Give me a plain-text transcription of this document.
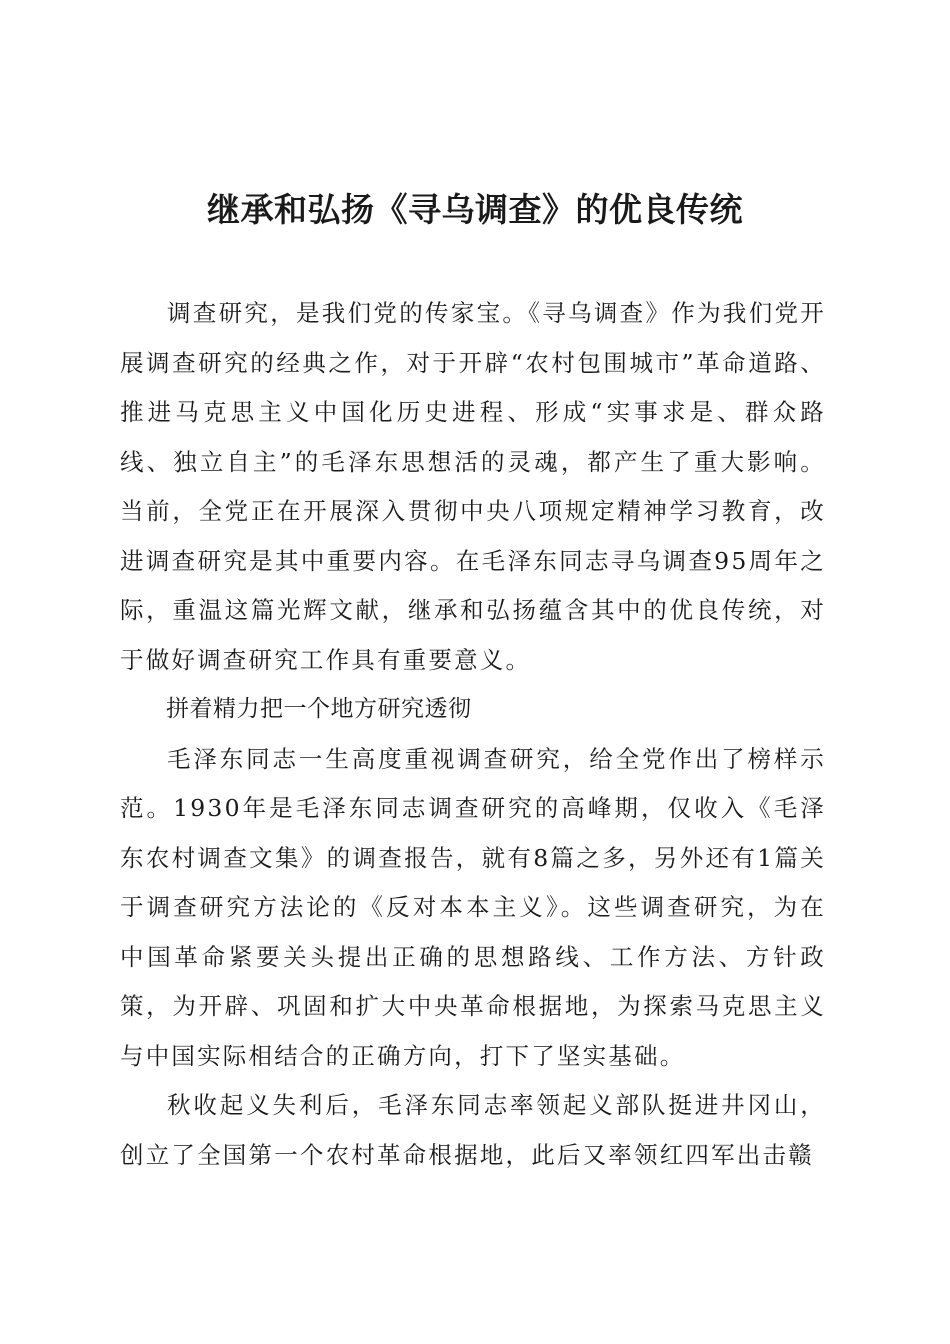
继承和弘扬《寻乌调查》的优良传统

调查研究，是我们党的传家宝。《寻乌调查》作为我们党开展调查研究的经典之作，对于开辟“农村包围城市”革命道路、推进马克思主义中国化历史进程、形成“实事求是、群众路线、独立自主”的毛泽东思想活的灵魂，都产生了重大影响。当前，全党正在开展深入贯彻中央八项规定精神学习教育，改进调查研究是其中重要内容。在毛泽东同志寻乌调查95周年之际，重温这篇光辉文献，继承和弘扬蕴含其中的优良传统，对于做好调查研究工作具有重要意义。

拼着精力把一个地方研究透彻

毛泽东同志一生高度重视调查研究，给全党作出了榜样示范。1930年是毛泽东同志调查研究的高峰期，仅收入《毛泽东农村调查文集》的调查报告，就有8篇之多，另外还有1篇关于调查研究方法论的《反对本本主义》。这些调查研究，为在中国革命紧要关头提出正确的思想路线、工作方法、方针政策，为开辟、巩固和扩大中央革命根据地，为探索马克思主义与中国实际相结合的正确方向，打下了坚实基础。

秋收起义失利后，毛泽东同志率领起义部队挺进井冈山，创立了全国第一个农村革命根据地，此后又率领红四军出击赣
